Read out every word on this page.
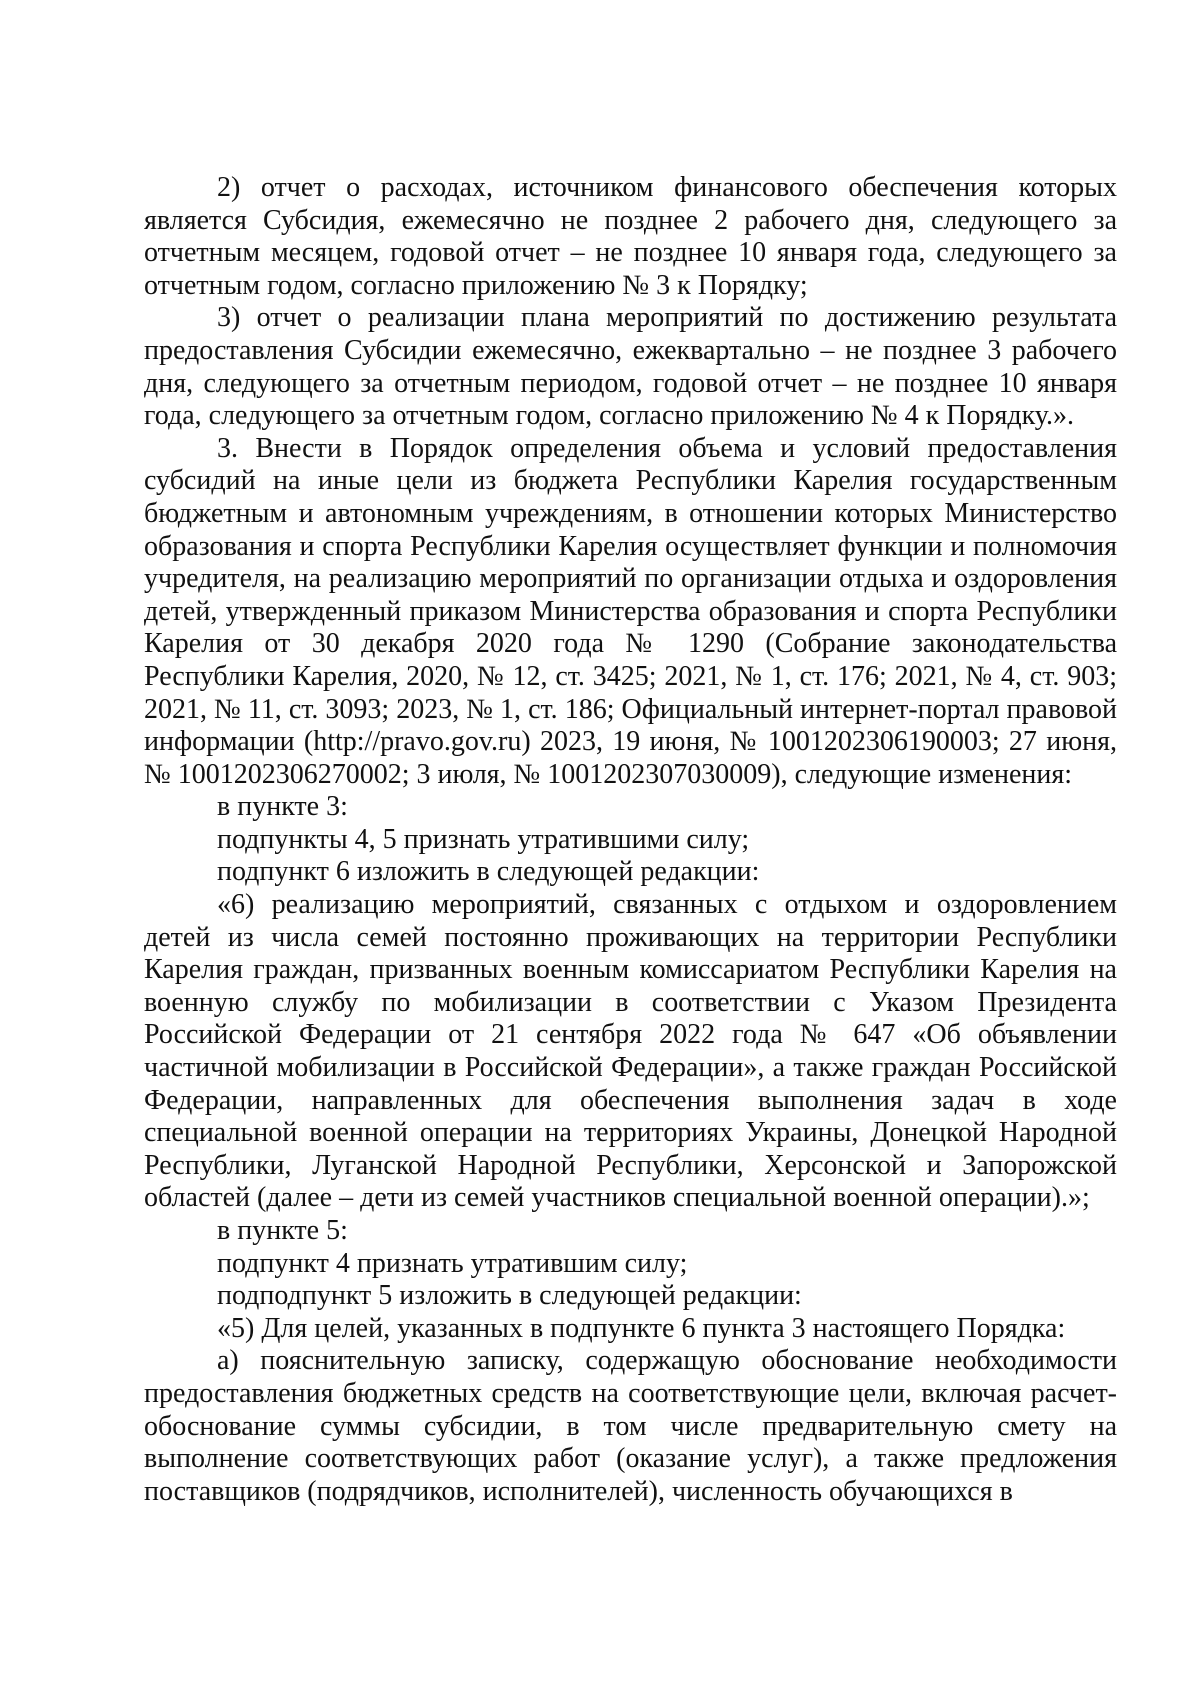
2) отчет о расходах, источником финансового обеспечения которых является Субсидия, ежемесячно не позднее 2 рабочего дня, следующего за отчетным месяцем, годовой отчет – не позднее 10 января года, следующего за отчетным годом, согласно приложению № 3 к Порядку;

3) отчет о реализации плана мероприятий по достижению результата предоставления Субсидии ежемесячно, ежеквартально – не позднее 3 рабочего дня, следующего за отчетным периодом, годовой отчет – не позднее 10 января года, следующего за отчетным годом, согласно приложению № 4 к Порядку.».

3. Внести в Порядок определения объема и условий предоставления субсидий на иные цели из бюджета Республики Карелия государственным бюджетным и автономным учреждениям, в отношении которых Министерство образования и спорта Республики Карелия осуществляет функции и полномочия учредителя, на реализацию мероприятий по организации отдыха и оздоровления детей, утвержденный приказом Министерства образования и спорта Республики Карелия от 30 декабря 2020 года № 1290 (Собрание законодательства Республики Карелия, 2020, № 12, ст. 3425; 2021, № 1, ст. 176; 2021, № 4, ст. 903; 2021, № 11, ст. 3093; 2023, № 1, ст. 186; Официальный интернет-портал правовой информации (http://pravo.gov.ru) 2023, 19 июня, № 1001202306190003; 27 июня, № 1001202306270002; 3 июля, № 1001202307030009), следующие изменения:

в пункте 3:

подпункты 4, 5 признать утратившими силу;

подпункт 6 изложить в следующей редакции:

«6) реализацию мероприятий, связанных с отдыхом и оздоровлением детей из числа семей постоянно проживающих на территории Республики Карелия граждан, призванных военным комиссариатом Республики Карелия на военную службу по мобилизации в соответствии с Указом Президента Российской Федерации от 21 сентября 2022 года № 647 «Об объявлении частичной мобилизации в Российской Федерации», а также граждан Российской Федерации, направленных для обеспечения выполнения задач в ходе специальной военной операции на территориях Украины, Донецкой Народной Республики, Луганской Народной Республики, Херсонской и Запорожской областей (далее – дети из семей участников специальной военной операции).»;

в пункте 5:

подпункт 4 признать утратившим силу;

подподпункт 5 изложить в следующей редакции:

«5) Для целей, указанных в подпункте 6 пункта 3 настоящего Порядка:

а) пояснительную записку, содержащую обоснование необходимости предоставления бюджетных средств на соответствующие цели, включая расчет-обоснование суммы субсидии, в том числе предварительную смету на выполнение соответствующих работ (оказание услуг), а также предложения поставщиков (подрядчиков, исполнителей), численность обучающихся в
